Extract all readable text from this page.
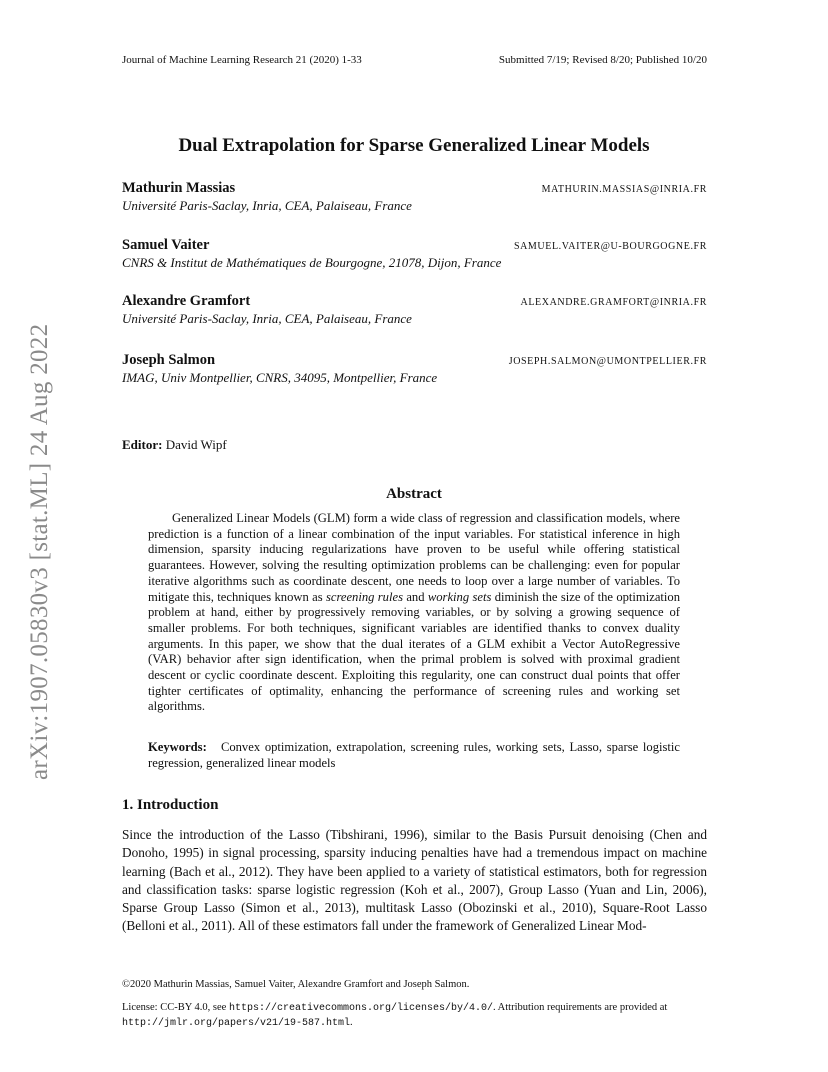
arXiv:1907.05830v3 [stat.ML] 24 Aug 2022
Journal of Machine Learning Research 21 (2020) 1-33	Submitted 7/19; Revised 8/20; Published 10/20
Dual Extrapolation for Sparse Generalized Linear Models
Mathurin Massias	MATHURIN.MASSIAS@INRIA.FR
Université Paris-Saclay, Inria, CEA, Palaiseau, France
Samuel Vaiter	SAMUEL.VAITER@U-BOURGOGNE.FR
CNRS & Institut de Mathématiques de Bourgogne, 21078, Dijon, France
Alexandre Gramfort	ALEXANDRE.GRAMFORT@INRIA.FR
Université Paris-Saclay, Inria, CEA, Palaiseau, France
Joseph Salmon	JOSEPH.SALMON@UMONTPELLIER.FR
IMAG, Univ Montpellier, CNRS, 34095, Montpellier, France
Editor: David Wipf
Abstract
Generalized Linear Models (GLM) form a wide class of regression and classification models, where prediction is a function of a linear combination of the input variables. For statistical inference in high dimension, sparsity inducing regularizations have proven to be useful while offering statistical guarantees. However, solving the resulting optimization problems can be challenging: even for popular iterative algorithms such as coordinate descent, one needs to loop over a large number of variables. To mitigate this, techniques known as screening rules and working sets diminish the size of the optimization problem at hand, either by progressively removing variables, or by solving a growing sequence of smaller problems. For both techniques, significant variables are identified thanks to convex duality arguments. In this paper, we show that the dual iterates of a GLM exhibit a Vector AutoRegressive (VAR) behavior after sign identification, when the primal problem is solved with proximal gradient descent or cyclic coordinate descent. Exploiting this regularity, one can construct dual points that offer tighter certificates of optimality, enhancing the performance of screening rules and working set algorithms.
Keywords: Convex optimization, extrapolation, screening rules, working sets, Lasso, sparse logistic regression, generalized linear models
1. Introduction
Since the introduction of the Lasso (Tibshirani, 1996), similar to the Basis Pursuit denoising (Chen and Donoho, 1995) in signal processing, sparsity inducing penalties have had a tremendous impact on machine learning (Bach et al., 2012). They have been applied to a variety of statistical estimators, both for regression and classification tasks: sparse logistic regression (Koh et al., 2007), Group Lasso (Yuan and Lin, 2006), Sparse Group Lasso (Simon et al., 2013), multitask Lasso (Obozinski et al., 2010), Square-Root Lasso (Belloni et al., 2011). All of these estimators fall under the framework of Generalized Linear Mod-
©2020 Mathurin Massias, Samuel Vaiter, Alexandre Gramfort and Joseph Salmon.
License: CC-BY 4.0, see https://creativecommons.org/licenses/by/4.0/. Attribution requirements are provided at http://jmlr.org/papers/v21/19-587.html.
